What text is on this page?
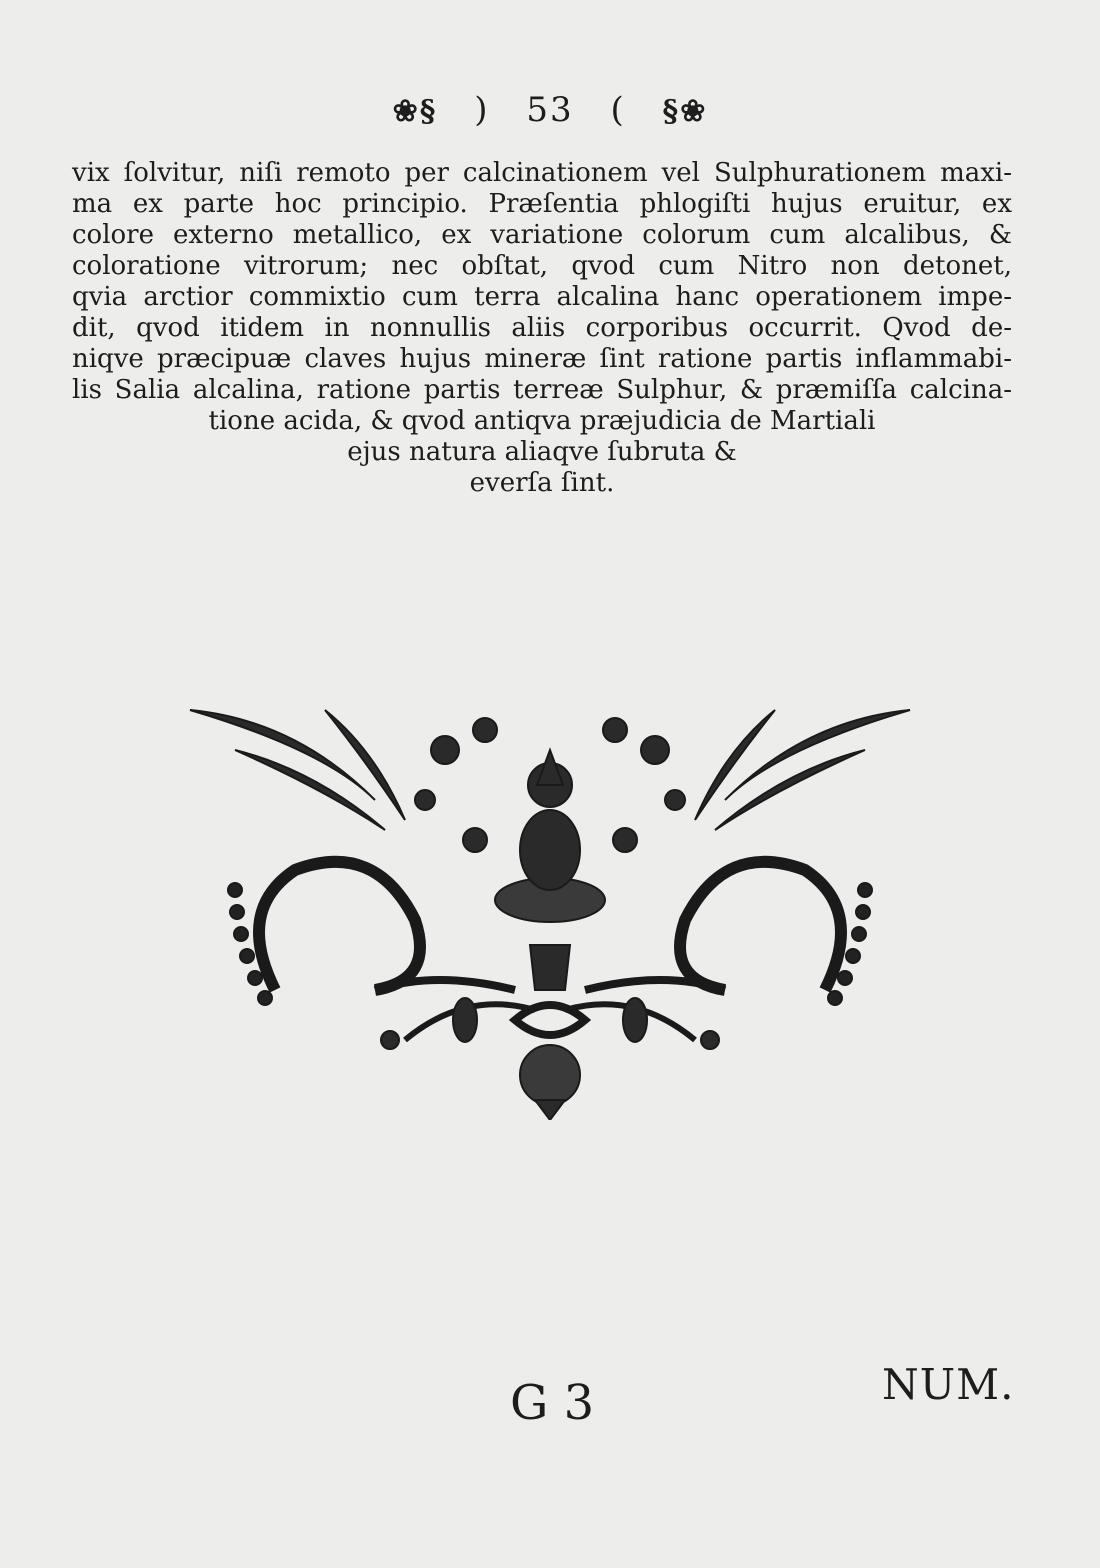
❀§ ) 53 ( §❀
vix ſolvitur, niſi remoto per calcinationem vel Sulphurationem maxi-
ma ex parte hoc principio. Præſentia phlogiſti hujus eruitur, ex
colore externo metallico, ex variatione colorum cum alcalibus, &
coloratione vitrorum; nec obſtat, qvod cum Nitro non detonet,
qvia arctior commixtio cum terra alcalina hanc operationem impe-
dit, qvod itidem in nonnullis aliis corporibus occurrit. Qvod de-
niqve præcipuæ claves hujus mineræ ſint ratione partis inflammabi-
lis Salia alcalina, ratione partis terreæ Sulphur, & præmiſſa calcina-
tione acida, & qvod antiqva præjudicia de Martiali
ejus natura aliaqve ſubruta &
everſa ſint.
G 3	NUM.
